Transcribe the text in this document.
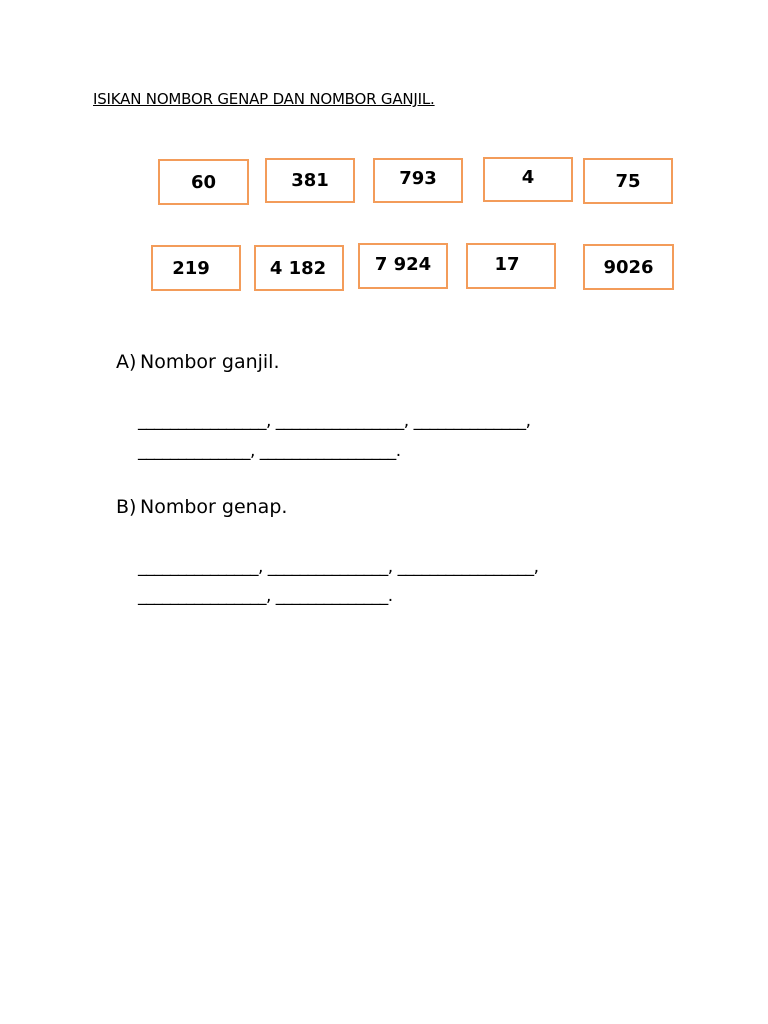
ISIKAN NOMBOR GENAP DAN NOMBOR GANJIL.
60	381	793	4	75
219	4 182	7 924	17	9026
A) Nombor ganjil.
________________, ________________, ______________,
______________, _________________.
B) Nombor genap.
_______________, _______________, _________________,
________________, ______________.
